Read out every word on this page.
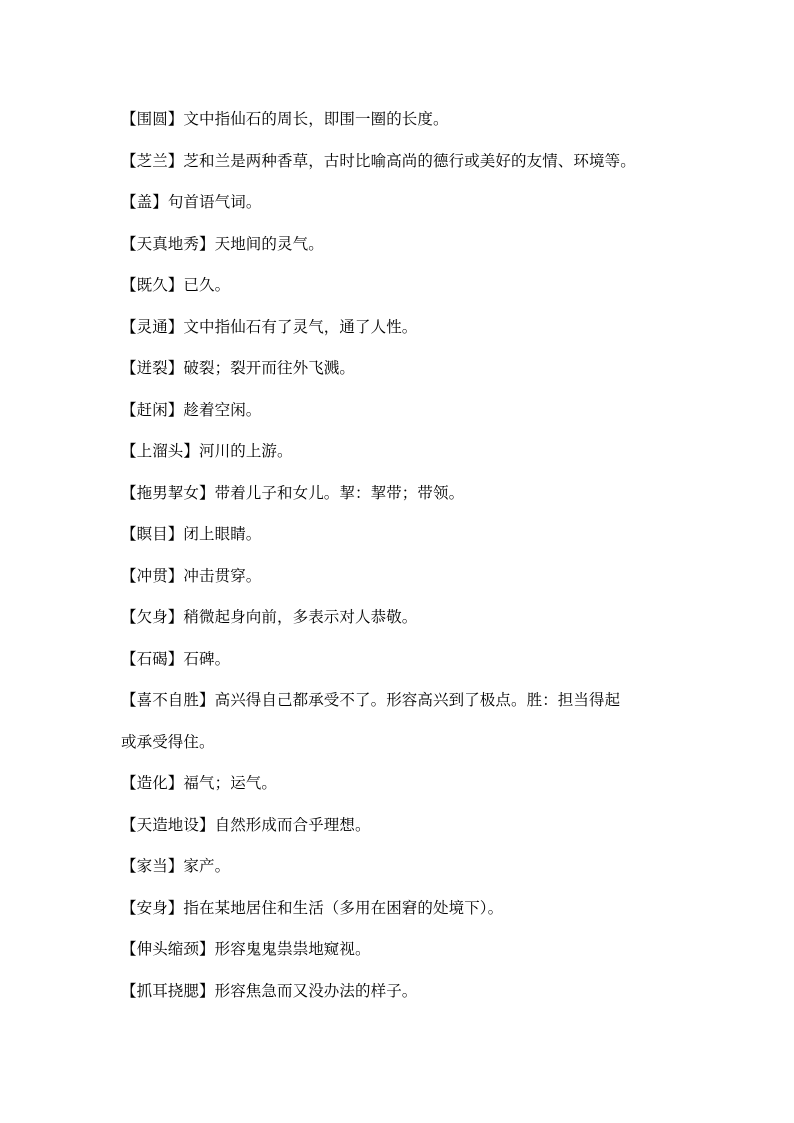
【围圆】文中指仙石的周长，即围一圈的长度。
【芝兰】芝和兰是两种香草，古时比喻高尚的德行或美好的友情、环境等。
【盖】句首语气词。
【天真地秀】天地间的灵气。
【既久】已久。
【灵通】文中指仙石有了灵气，通了人性。
【迸裂】破裂；裂开而往外飞溅。
【赶闲】趁着空闲。
【上溜头】河川的上游。
【拖男挈女】带着儿子和女儿。挈：挈带；带领。
【瞑目】闭上眼睛。
【冲贯】冲击贯穿。
【欠身】稍微起身向前，多表示对人恭敬。
【石碣】石碑。
【喜不自胜】高兴得自己都承受不了。形容高兴到了极点。胜：担当得起
或承受得住。
【造化】福气；运气。
【天造地设】自然形成而合乎理想。
【家当】家产。
【安身】指在某地居住和生活（多用在困窘的处境下）。
【伸头缩颈】形容鬼鬼祟祟地窥视。
【抓耳挠腮】形容焦急而又没办法的样子。
